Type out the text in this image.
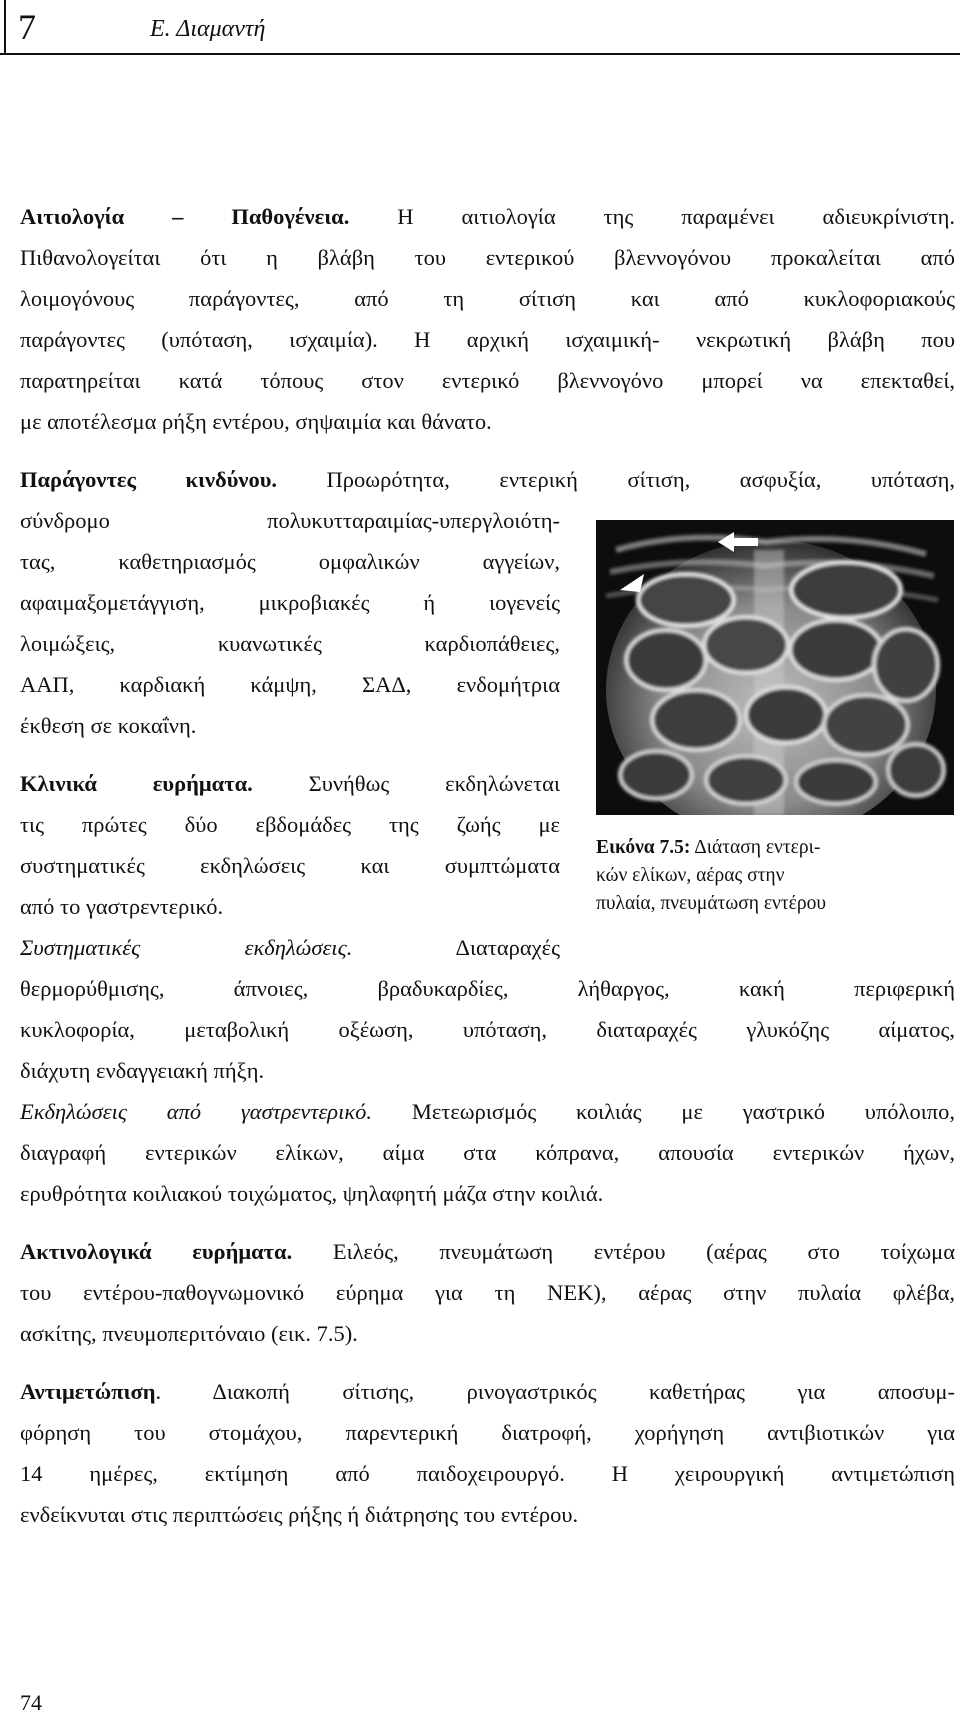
7	Ε. Διαμαντή
Αιτιολογία – Παθογένεια. Η αιτιολογία της παραμένει αδιευκρίνιστη.
Πιθανολογείται ότι η βλάβη του εντερικού βλεννογόνου προκαλείται από
λοιμογόνους παράγοντες, από τη σίτιση και από κυκλοφοριακούς
παράγοντες (υπόταση, ισχαιμία). Η αρχική ισχαιμική- νεκρωτική βλάβη που
παρατηρείται κατά τόπους στον εντερικό βλεννογόνο μπορεί να επεκταθεί,
με αποτέλεσμα ρήξη εντέρου, σηψαιμία και θάνατο.
Παράγοντες κινδύνου. Προωρότητα, εντερική σίτιση, ασφυξία, υπόταση,
σύνδρομο πολυκυτταραιμίας-υπεργλοιότη-
τας, καθετηριασμός ομφαλικών αγγείων,
αφαιμαξομετάγγιση, μικροβιακές ή ιογενείς
λοιμώξεις, κυανωτικές καρδιοπάθειες,
ΑΑΠ, καρδιακή κάμψη, ΣΑΔ, ενδομήτρια
έκθεση σε κοκαΐνη.
Κλινικά ευρήματα. Συνήθως εκδηλώνεται
τις πρώτες δύο εβδομάδες της ζωής με
συστηματικές εκδηλώσεις και συμπτώματα
από το γαστρεντερικό.
Συστηματικές εκδηλώσεις. Διαταραχές
θερμορύθμισης, άπνοιες, βραδυκαρδίες, λήθαργος, κακή περιφερική
κυκλοφορία, μεταβολική οξέωση, υπόταση, διαταραχές γλυκόζης αίματος,
διάχυτη ενδαγγειακή πήξη.
Εκδηλώσεις από γαστρεντερικό. Μετεωρισμός κοιλιάς με γαστρικό υπόλοιπο,
διαγραφή εντερικών ελίκων, αίμα στα κόπρανα, απουσία εντερικών ήχων,
ερυθρότητα κοιλιακού τοιχώματος, ψηλαφητή μάζα στην κοιλιά.
Ακτινολογικά ευρήματα. Ειλεός, πνευμάτωση εντέρου (αέρας στο τοίχωμα
του εντέρου-παθογνωμονικό εύρημα για τη ΝΕΚ), αέρας στην πυλαία φλέβα,
ασκίτης, πνευμοπεριτόναιο (εικ. 7.5).
Αντιμετώπιση. Διακοπή σίτισης, ρινογαστρικός καθετήρας για αποσυμ-
φόρηση του στομάχου, παρεντερική διατροφή, χορήγηση αντιβιοτικών για
14 ημέρες, εκτίμηση από παιδοχειρουργό. Η χειρουργική αντιμετώπιση
ενδείκνυται στις περιπτώσεις ρήξης ή διάτρησης του εντέρου.
Εικόνα 7.5: Διάταση εντερι-
κών ελίκων, αέρας στην
πυλαία, πνευμάτωση εντέρου
74
